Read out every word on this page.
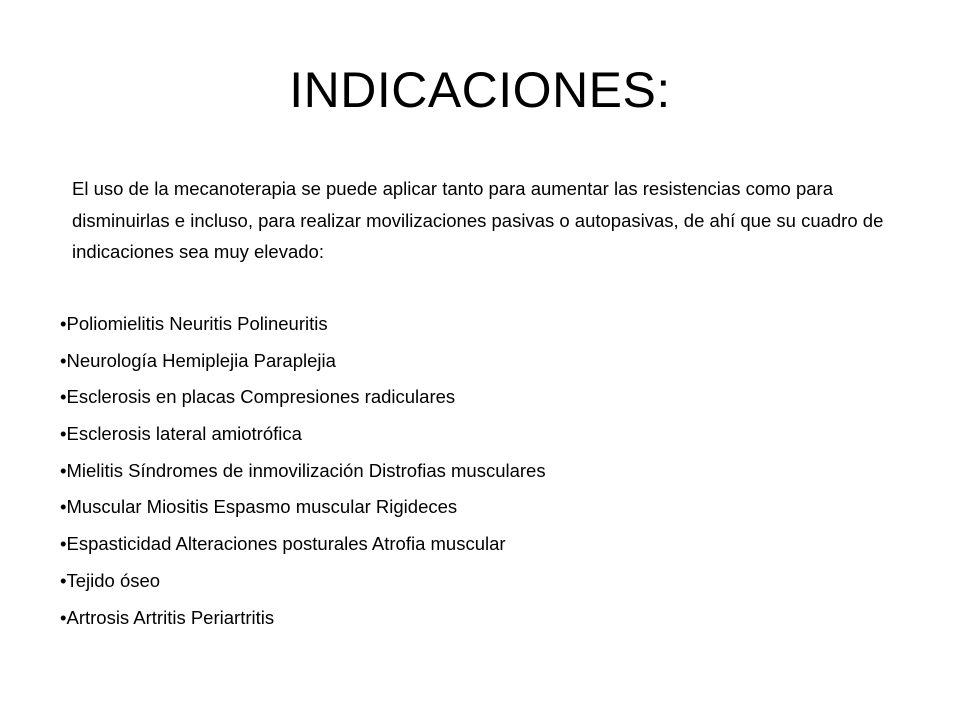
INDICACIONES:
El uso de la mecanoterapia se puede aplicar tanto para aumentar las resistencias como para disminuirlas e incluso, para realizar movilizaciones pasivas o autopasivas, de ahí que su cuadro de indicaciones sea muy elevado:
•Poliomielitis Neuritis Polineuritis
•Neurología Hemiplejia Paraplejia
•Esclerosis en placas Compresiones radiculares
•Esclerosis lateral amiotrófica
•Mielitis Síndromes de inmovilización Distrofias musculares
•Muscular Miositis Espasmo muscular Rigideces
•Espasticidad Alteraciones posturales Atrofia muscular
•Tejido óseo
•Artrosis Artritis Periartritis
